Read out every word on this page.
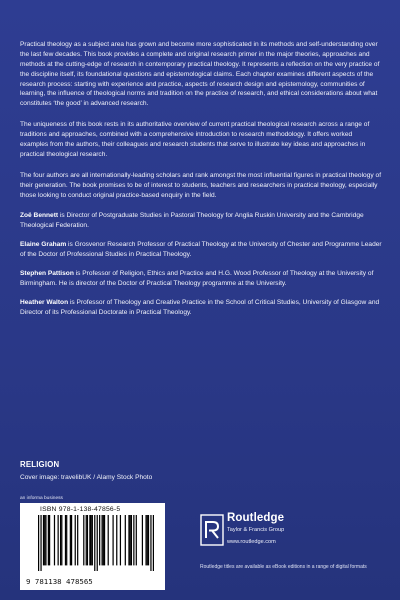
Practical theology as a subject area has grown and become more sophisticated in its methods and self-understanding over the last few decades. This book provides a complete and original research primer in the major theories, approaches and methods at the cutting-edge of research in contemporary practical theology. It represents a reflection on the very practice of the discipline itself, its foundational questions and epistemological claims. Each chapter examines different aspects of the research process: starting with experience and practice, aspects of research design and epistemology, communities of learning, the influence of theological norms and tradition on the practice of research, and ethical considerations about what constitutes ‘the good’ in advanced research.

The uniqueness of this book rests in its authoritative overview of current practical theological research across a range of traditions and approaches, combined with a comprehensive introduction to research methodology. It offers worked examples from the authors, their colleagues and research students that serve to illustrate key ideas and approaches in practical theological research.

The four authors are all internationally-leading scholars and rank amongst the most influential figures in practical theology of their generation. The book promises to be of interest to students, teachers and researchers in practical theology, especially those looking to conduct original practice-based enquiry in the field.

Zoë Bennett is Director of Postgraduate Studies in Pastoral Theology for Anglia Ruskin University and the Cambridge Theological Federation.

Elaine Graham is Grosvenor Research Professor of Practical Theology at the University of Chester and Programme Leader of the Doctor of Professional Studies in Practical Theology.

Stephen Pattison is Professor of Religion, Ethics and Practice and H.G. Wood Professor of Theology at the University of Birmingham. He is director of the Doctor of Practical Theology programme at the University.

Heather Walton is Professor of Theology and Creative Practice in the School of Critical Studies, University of Glasgow and Director of its Professional Doctorate in Practical Theology.

RELIGION
Cover image: travelibUK / Alamy Stock Photo
an informa business
ISBN 978-1-138-47856-5
9 781138 478565
Routledge
Taylor & Francis Group
www.routledge.com
Routledge titles are available as eBook editions in a range of digital formats
